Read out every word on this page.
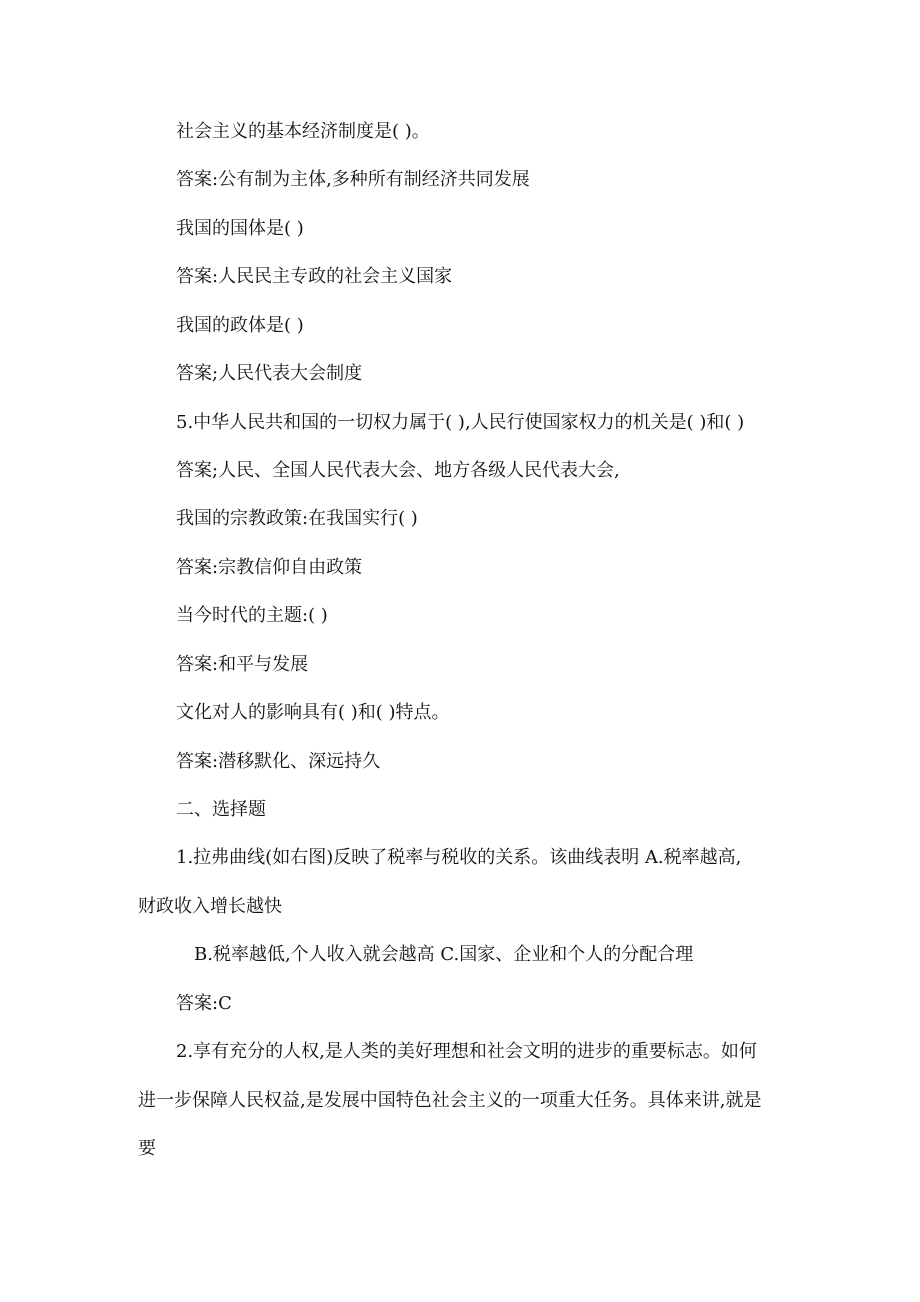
社会主义的基本经济制度是( )。
答案:公有制为主体,多种所有制经济共同发展
我国的国体是( )
答案:人民民主专政的社会主义国家
我国的政体是( )
答案;人民代表大会制度
5.中华人民共和国的一切权力属于( ),人民行使国家权力的机关是( )和( )
答案;人民、全国人民代表大会、地方各级人民代表大会,
我国的宗教政策:在我国实行( )
答案:宗教信仰自由政策
当今时代的主题:( )
答案:和平与发展
文化对人的影响具有( )和( )特点。
答案:潜移默化、深远持久
二、选择题
1.拉弗曲线(如右图)反映了税率与税收的关系。该曲线表明 A.税率越高,
财政收入增长越快
B.税率越低,个人收入就会越高 C.国家、企业和个人的分配合理
答案:C
2.享有充分的人权,是人类的美好理想和社会文明的进步的重要标志。如何
进一步保障人民权益,是发展中国特色社会主义的一项重大任务。具体来讲,就是
要
